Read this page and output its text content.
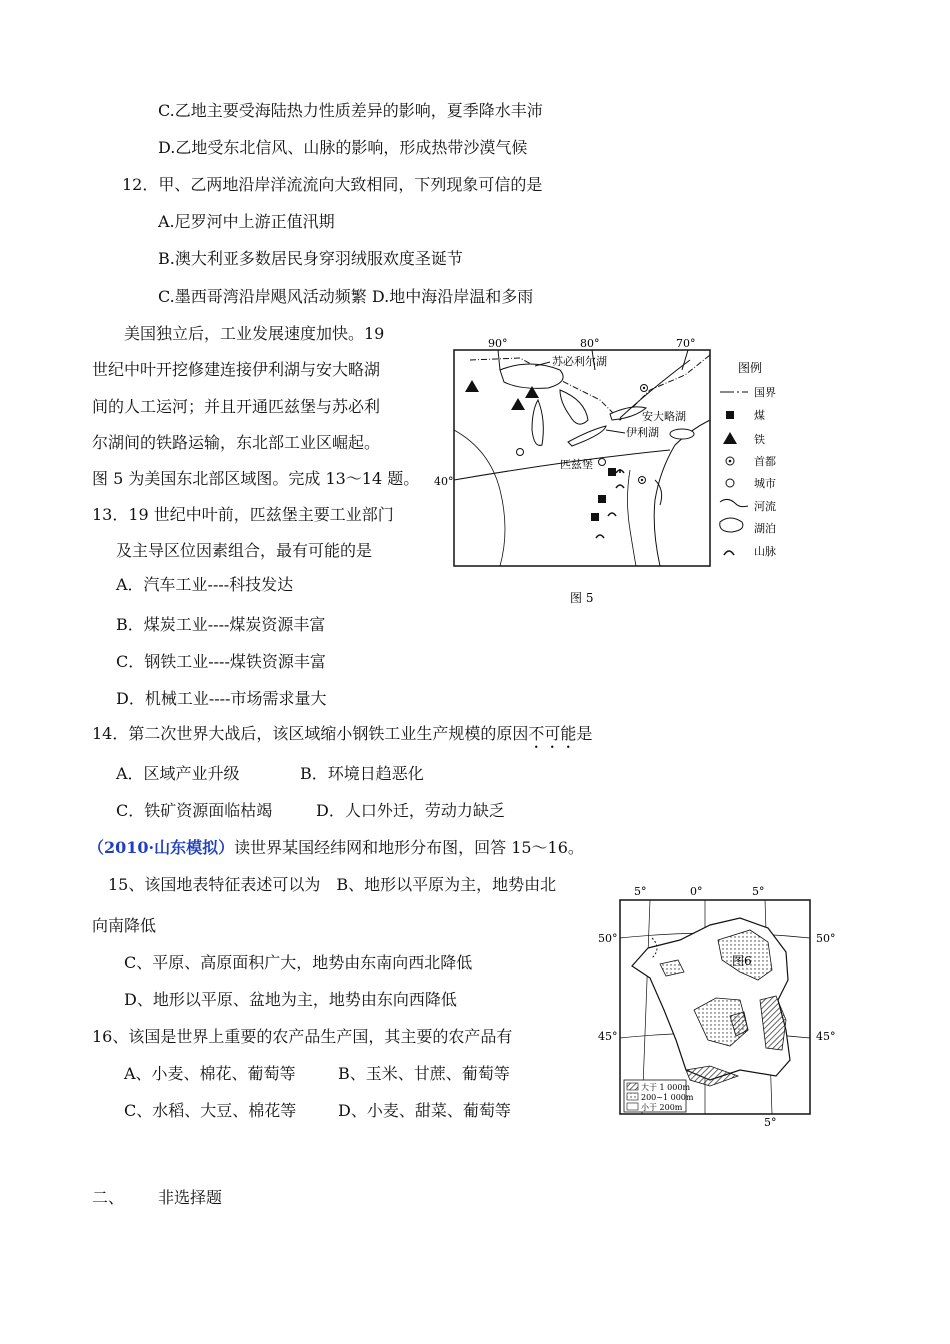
C.乙地主要受海陆热力性质差异的影响，夏季降水丰沛
D.乙地受东北信风、山脉的影响，形成热带沙漠气候
12．甲、乙两地沿岸洋流流向大致相同，下列现象可信的是
A.尼罗河中上游正值汛期
B.澳大利亚多数居民身穿羽绒服欢度圣诞节
C.墨西哥湾沿岸飓风活动频繁 D.地中海沿岸温和多雨
美国独立后，工业发展速度加快。19
世纪中叶开挖修建连接伊利湖与安大略湖
间的人工运河；并且开通匹兹堡与苏必利
尔湖间的铁路运输，东北部工业区崛起。
图 5 为美国东北部区域图。完成 13～14 题。
13．19 世纪中叶前，匹兹堡主要工业部门
及主导区位因素组合，最有可能的是
A．汽车工业----科技发达
B．煤炭工业----煤炭资源丰富
C．钢铁工业----煤铁资源丰富
D．机械工业----市场需求量大
14．第二次世界大战后，该区域缩小钢铁工业生产规模的原因不可能是
A．区域产业升级	B．环境日趋恶化
C．铁矿资源面临枯竭	D．人口外迁，劳动力缺乏
（2010·山东模拟）读世界某国经纬网和地形分布图，回答 15～16。
15、该国地表特征表述可以为　B、地形以平原为主，地势由北
向南降低
C、平原、高原面积广大，地势由东南向西北降低
D、地形以平原、盆地为主，地势由东向西降低
16、该国是世界上重要的农产品生产国，其主要的农产品有
A、小麦、棉花、葡萄等	B、玉米、甘蔗、葡萄等
C、水稻、大豆、棉花等	D、小麦、甜菜、葡萄等
二、 非选择题
90°	80°	70°
40°
苏必利尔湖
安大略湖
伊利湖
匹兹堡
图 5
图例
国界
煤
铁
首都
城市
河流
湖泊
山脉
5°	0°	5°
50°	50°
45°	45°
5°
图6
大于 1 000m
200~1 000m
小于 200m
